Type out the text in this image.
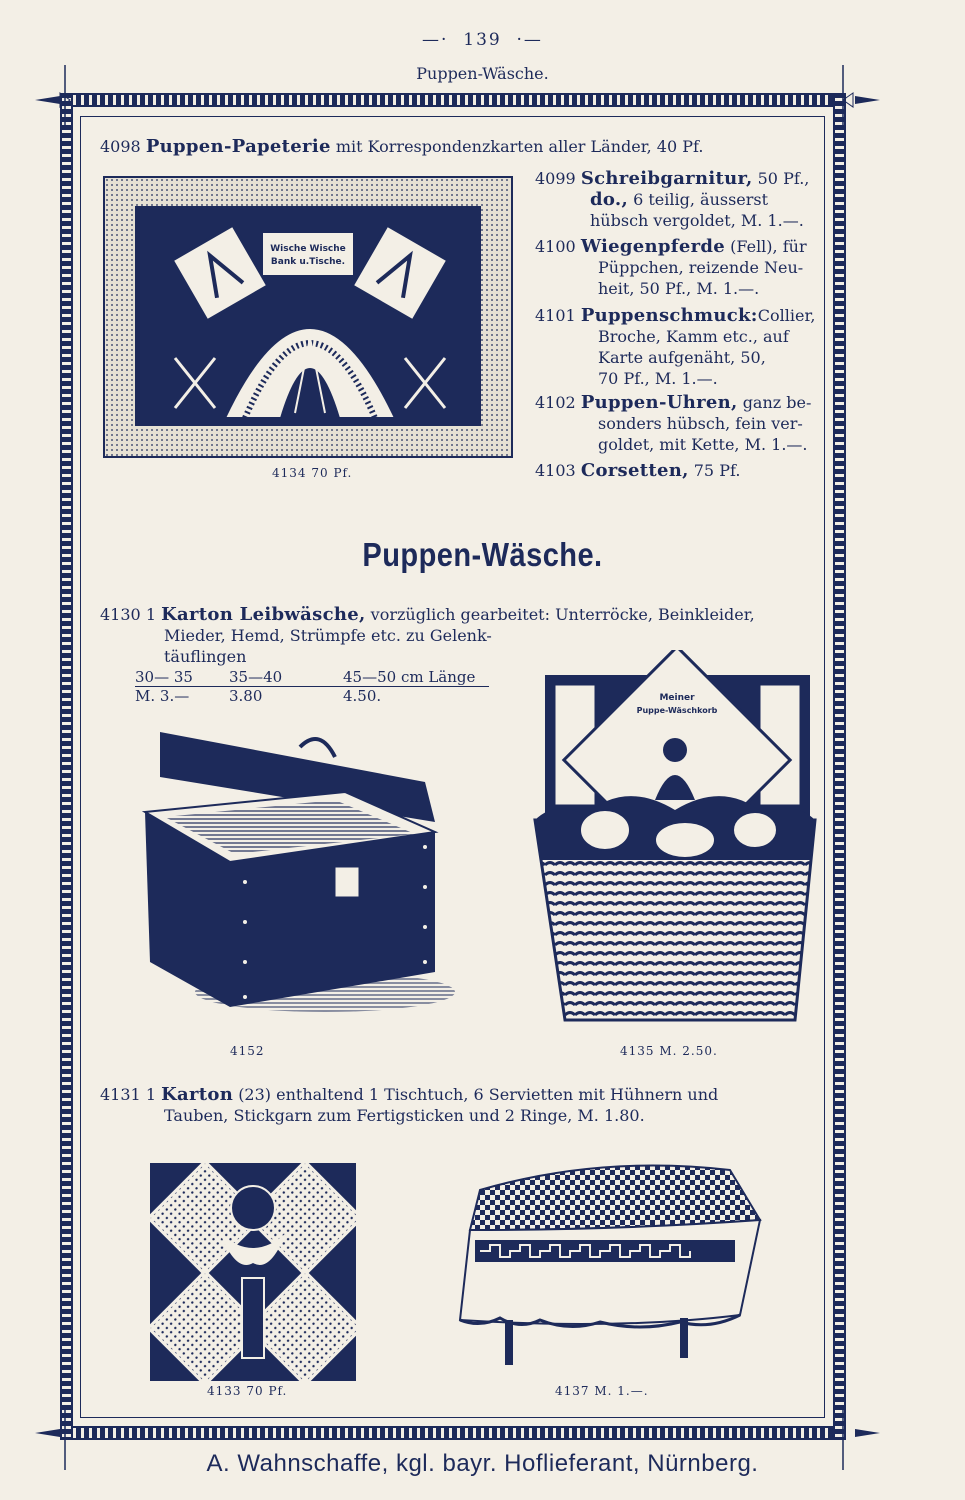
—·  139  ·—
Puppen-Wäsche.
4098 Puppen-Papeterie mit Korrespondenzkarten aller Länder, 40 Pf.
Wische Wische
Bank u.Tische.
4134 70 Pf.
4099 Schreibgarnitur, 50 Pf.,
do., 6 teilig, äusserst
hübsch vergoldet, M. 1.—.
4100 Wiegenpferde (Fell), für
Püppchen, reizende Neu-
heit, 50 Pf., M. 1.—.
4101 Puppenschmuck:Collier,
Broche, Kamm etc., auf
Karte aufgenäht, 50,
70 Pf., M. 1.—.
4102 Puppen-Uhren, ganz be-
sonders hübsch, fein ver-
goldet, mit Kette, M. 1.—.
4103 Corsetten, 75 Pf.
Puppen-Wäsche.
4130 1 Karton Leibwäsche, vorzüglich gearbeitet: Unterröcke, Beinkleider,
Mieder, Hemd, Strümpfe etc. zu Gelenk-
täuflingen
30— 35	35—40	45—50 cm Länge
M. 3.—	3.80	4.50.
4152
Meiner
Puppe-Wäschkorb
4135 M. 2.50.
4131 1 Karton (23) enthaltend 1 Tischtuch, 6 Servietten mit Hühnern und
Tauben, Stickgarn zum Fertigsticken und 2 Ringe, M. 1.80.
4133 70 Pf.	4137 M. 1.—.
A. Wahnschaffe, kgl. bayr. Hoflieferant, Nürnberg.
